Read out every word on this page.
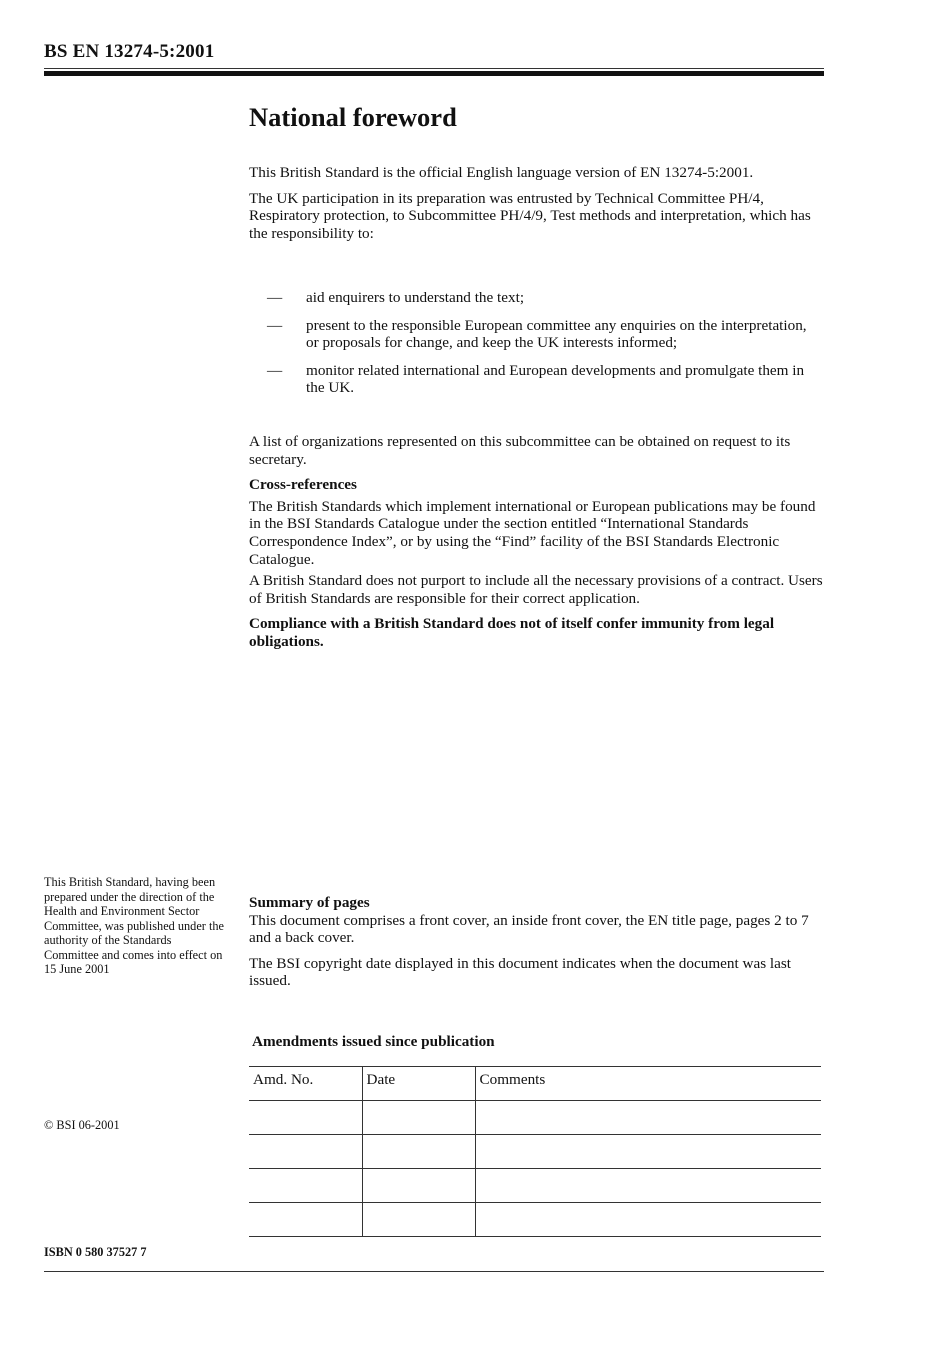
BS EN 13274-5:2001
National foreword

This British Standard is the official English language version of EN 13274-5:2001.

The UK participation in its preparation was entrusted by Technical Committee PH/4, Respiratory protection, to Subcommittee PH/4/9, Test methods and interpretation, which has the responsibility to:

— aid enquirers to understand the text;
— present to the responsible European committee any enquiries on the interpretation, or proposals for change, and keep the UK interests informed;
— monitor related international and European developments and promulgate them in the UK.

A list of organizations represented on this subcommittee can be obtained on request to its secretary.

Cross-references

The British Standards which implement international or European publications may be found in the BSI Standards Catalogue under the section entitled “International Standards Correspondence Index”, or by using the “Find” facility of the BSI Standards Electronic Catalogue.

A British Standard does not purport to include all the necessary provisions of a contract. Users of British Standards are responsible for their correct application.

Compliance with a British Standard does not of itself confer immunity from legal obligations.

This British Standard, having been prepared under the direction of the Health and Environment Sector Committee, was published under the authority of the Standards Committee and comes into effect on 15 June 2001

Summary of pages

This document comprises a front cover, an inside front cover, the EN title page, pages 2 to 7 and a back cover.

The BSI copyright date displayed in this document indicates when the document was last issued.

Amendments issued since publication

Amd. No.	Date	Comments

© BSI 06-2001

ISBN 0 580 37527 7
